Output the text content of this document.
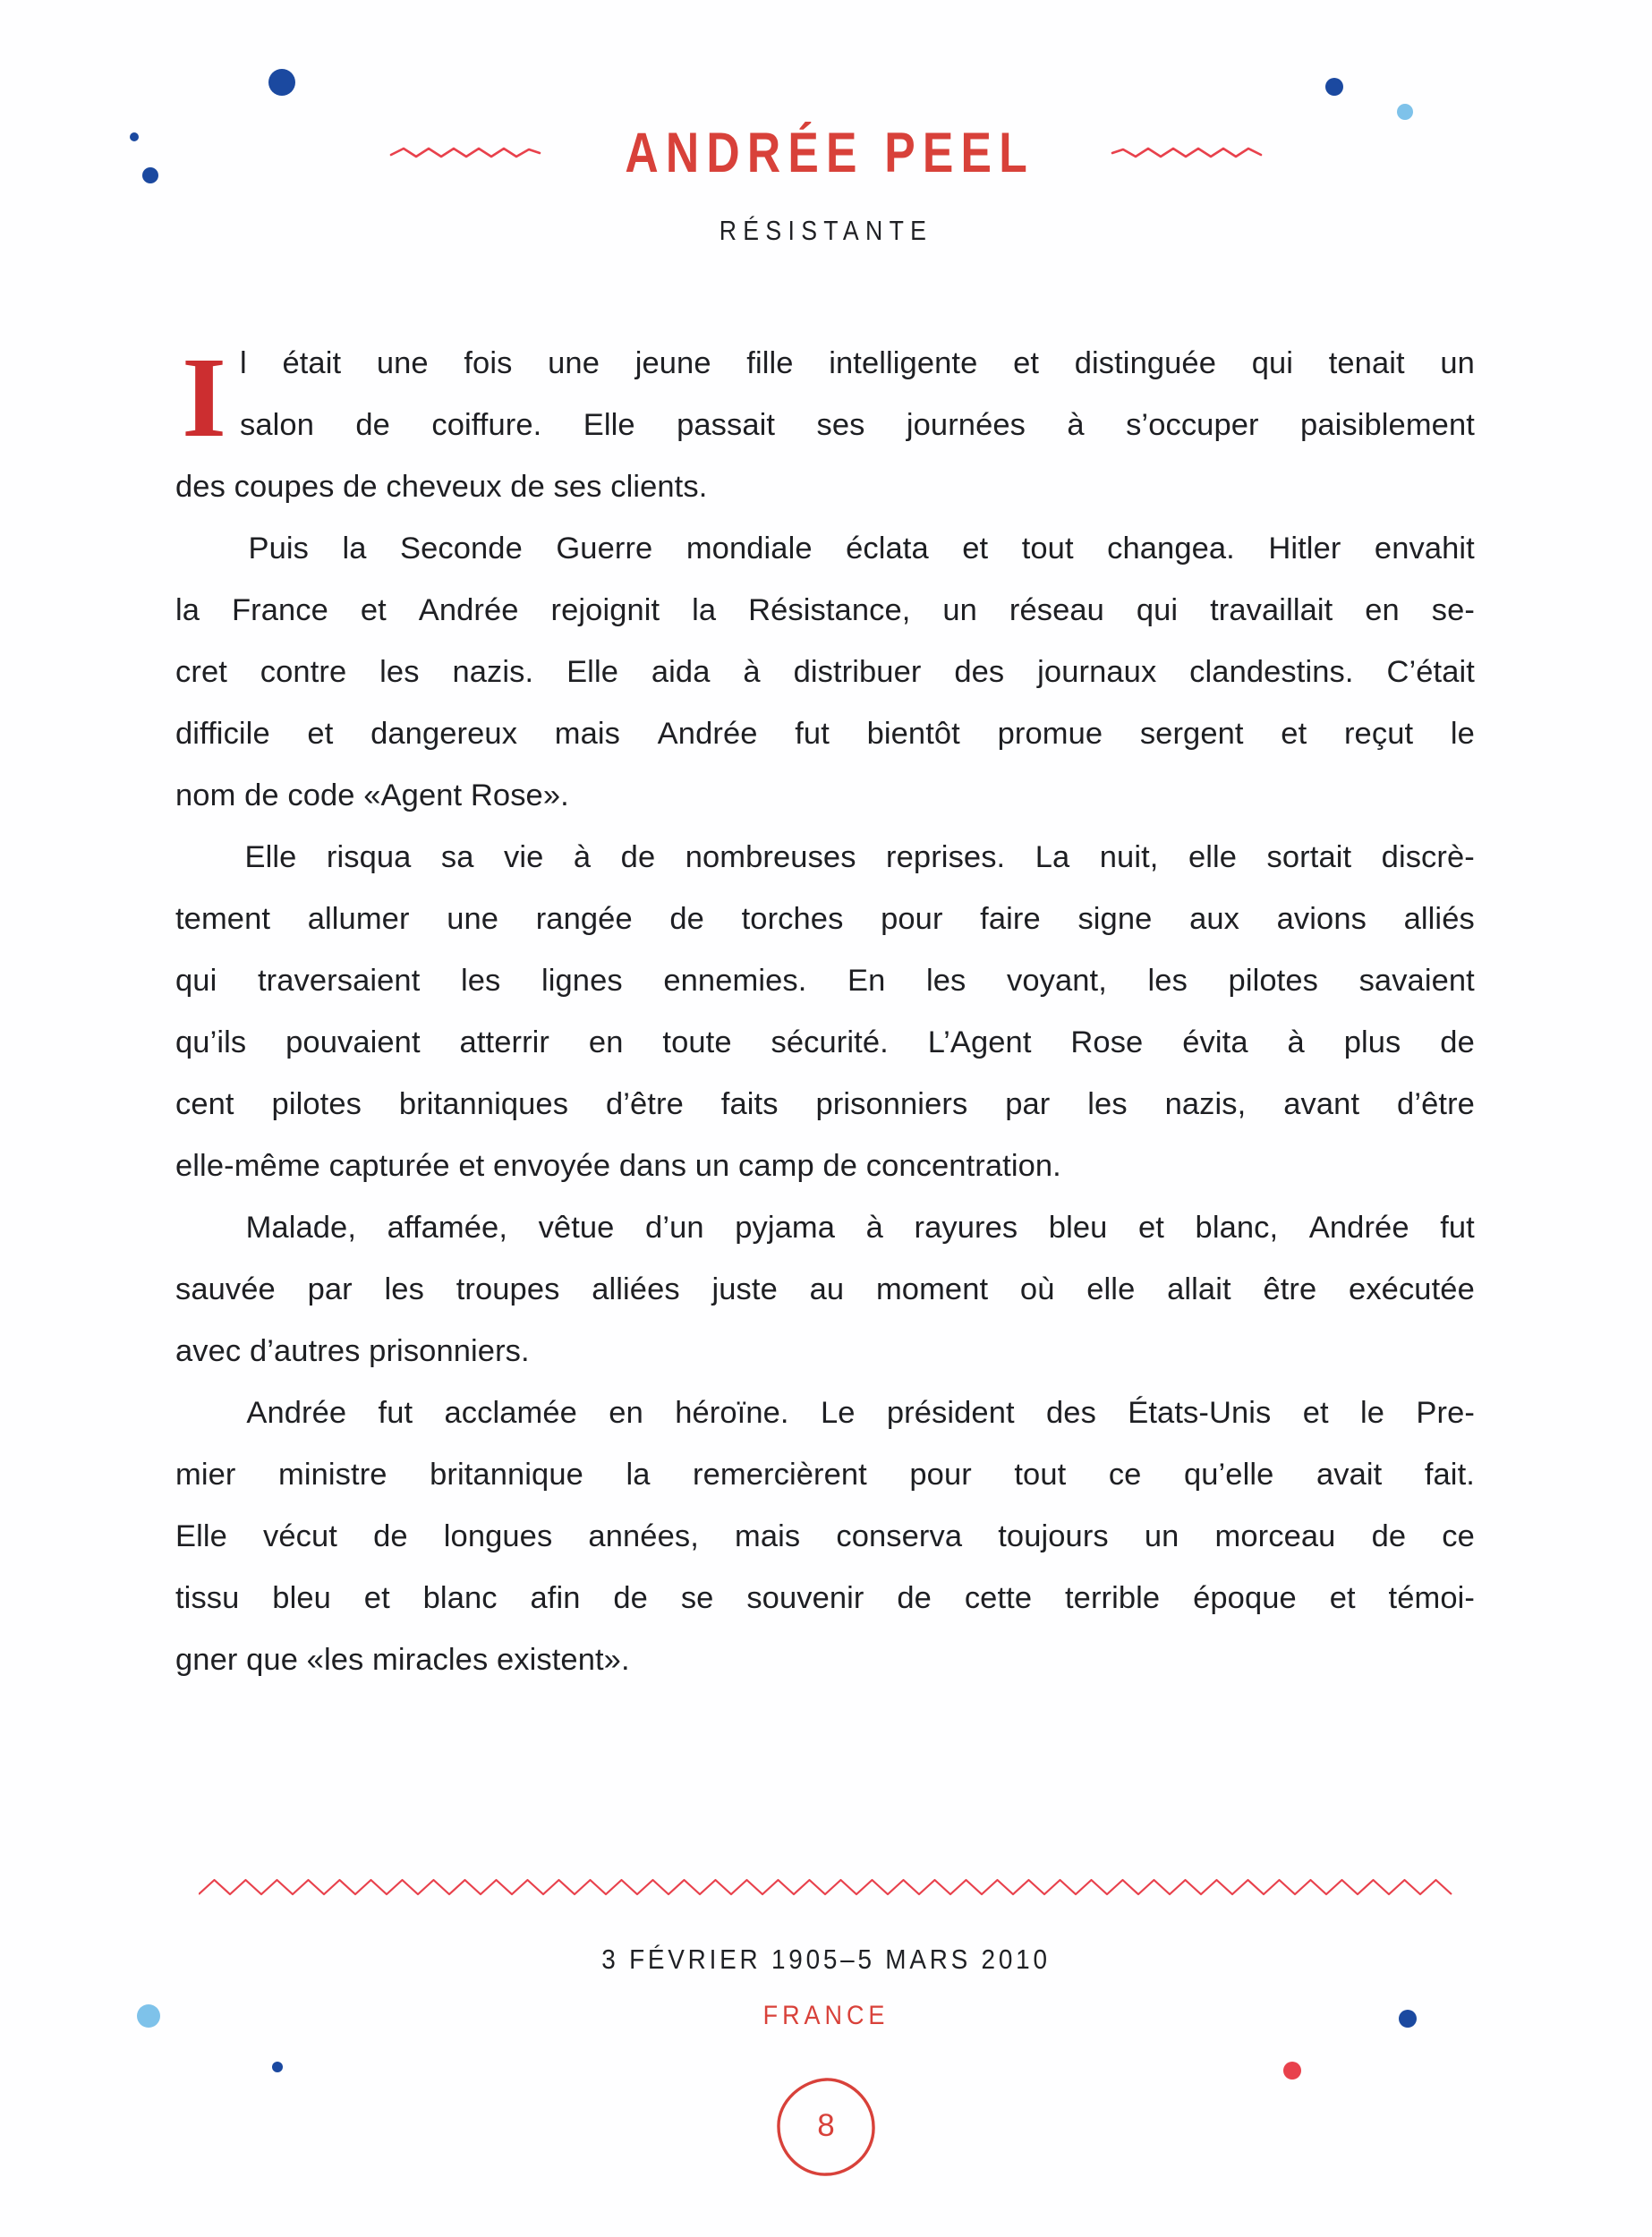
ANDRÉE PEEL
RÉSISTANTE
I l était une fois une jeune fille intelligente et distinguée qui tenait un
salon de coiffure. Elle passait ses journées à s’occuper paisiblement
des coupes de cheveux de ses clients.
Puis la Seconde Guerre mondiale éclata et tout changea. Hitler envahit
la France et Andrée rejoignit la Résistance, un réseau qui travaillait en se-
cret contre les nazis. Elle aida à distribuer des journaux clandestins. C’était
difficile et dangereux mais Andrée fut bientôt promue sergent et reçut le
nom de code «Agent Rose».
Elle risqua sa vie à de nombreuses reprises. La nuit, elle sortait discrè-
tement allumer une rangée de torches pour faire signe aux avions alliés
qui traversaient les lignes ennemies. En les voyant, les pilotes savaient
qu’ils pouvaient atterrir en toute sécurité. L’Agent Rose évita à plus de
cent pilotes britanniques d’être faits prisonniers par les nazis, avant d’être
elle-même capturée et envoyée dans un camp de concentration.
Malade, affamée, vêtue d’un pyjama à rayures bleu et blanc, Andrée fut
sauvée par les troupes alliées juste au moment où elle allait être exécutée
avec d’autres prisonniers.
Andrée fut acclamée en héroïne. Le président des États-Unis et le Pre-
mier ministre britannique la remercièrent pour tout ce qu’elle avait fait.
Elle vécut de longues années, mais conserva toujours un morceau de ce
tissu bleu et blanc afin de se souvenir de cette terrible époque et témoi-
gner que «les miracles existent».
3 FÉVRIER 1905–5 MARS 2010
FRANCE
8
